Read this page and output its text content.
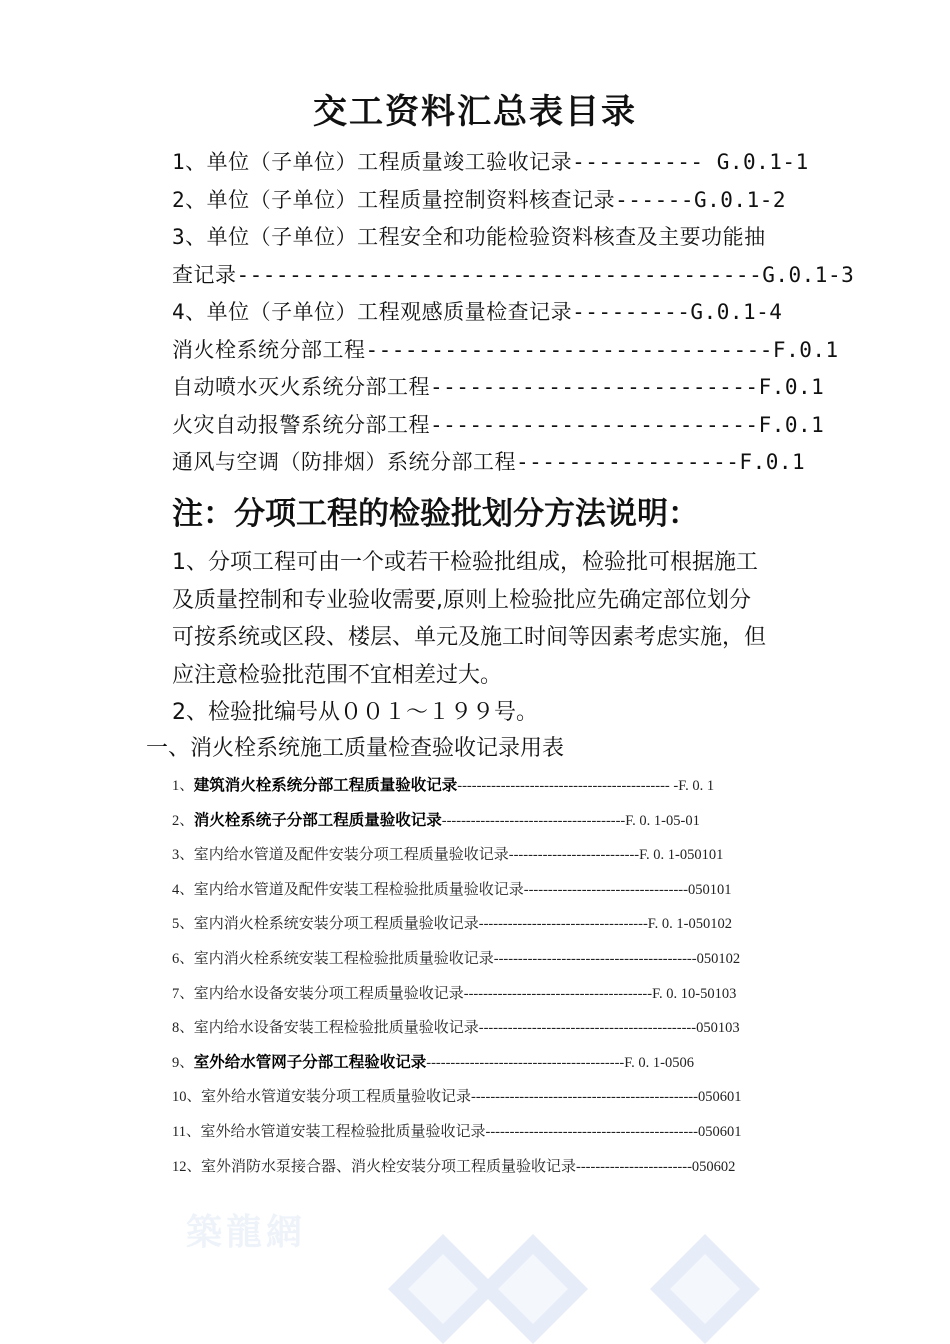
交工资料汇总表目录
1、单位（子单位）工程质量竣工验收记录---------- G.0.1-1
2、单位（子单位）工程质量控制资料核查记录------G.0.1-2
3、单位（子单位）工程安全和功能检验资料核查及主要功能抽
查记录----------------------------------------G.0.1-3
4、单位（子单位）工程观感质量检查记录---------G.0.1-4
消火栓系统分部工程-------------------------------F.0.1
自动喷水灭火系统分部工程-------------------------F.0.1
火灾自动报警系统分部工程-------------------------F.0.1
通风与空调（防排烟）系统分部工程-----------------F.0.1
注：分项工程的检验批划分方法说明：
1、分项工程可由一个或若干检验批组成，检验批可根据施工
及质量控制和专业验收需要,原则上检验批应先确定部位划分
可按系统或区段、楼层、单元及施工时间等因素考虑实施，但
应注意检验批范围不宜相差过大。
2、检验批编号从００１～１９９号。
一、消火栓系统施工质量检查验收记录用表
1、建筑消火栓系统分部工程质量验收记录-------------------------------------------- -F. 0. 1
2、消火栓系统子分部工程质量验收记录--------------------------------------F. 0. 1-05-01
3、室内给水管道及配件安装分项工程质量验收记录---------------------------F. 0. 1-050101
4、室内给水管道及配件安装工程检验批质量验收记录----------------------------------050101
5、室内消火栓系统安装分项工程质量验收记录-----------------------------------F. 0. 1-050102
6、室内消火栓系统安装工程检验批质量验收记录------------------------------------------050102
7、室内给水设备安装分项工程质量验收记录---------------------------------------F. 0. 10-50103
8、室内给水设备安装工程检验批质量验收记录---------------------------------------------050103
9、室外给水管网子分部工程验收记录-----------------------------------------F. 0. 1-0506
10、室外给水管道安装分项工程质量验收记录-----------------------------------------------050601
11、室外给水管道安装工程检验批质量验收记录--------------------------------------------050601
12、室外消防水泵接合器、消火栓安装分项工程质量验收记录------------------------050602
築龍網
